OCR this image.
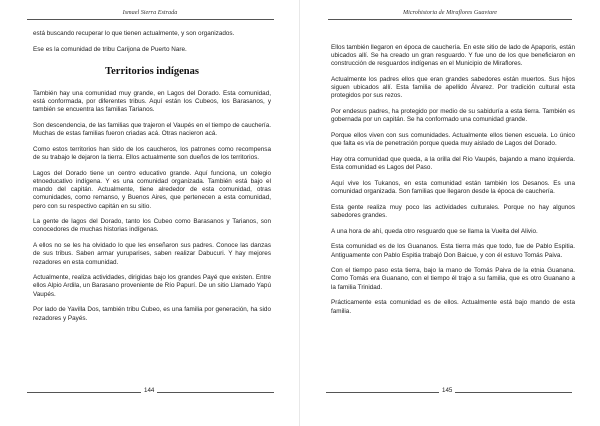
Ismael Sierra Estrada

está buscando recuperar lo que tienen actualmente, y son organizados.

Ese es la comunidad de tribu Carijona de Puerto Nare.

Territorios indígenas

También hay una comunidad muy grande, en Lagos del Dorado. Esta comunidad, está conformada, por diferentes tribus. Aquí están los Cubeos, los Barasanos, y también se encuentra las familias Tarianos.

Son descendencia, de las familias que trajeron el Vaupés en el tiempo de cauchería. Muchas de estas familias fueron criadas acá. Otras nacieron acá.

Como estos territorios han sido de los caucheros, los patrones como recompensa de su trabajo le dejaron la tierra. Ellos actualmente son dueños de los territorios.

Lagos del Dorado tiene un centro educativo grande. Aquí funciona, un colegio etnoeducativo indígena. Y es una comunidad organizada. También está bajo el mando del capitán. Actualmente, tiene alrededor de esta comunidad, otras comunidades, como remanso, y Buenos Aires, que pertenecen a esta comunidad, pero con su respectivo capitán en su sitio.

La gente de lagos del Dorado, tanto los Cubeo como Barasanos y Tarianos, son conocedores de muchas historias indígenas.

A ellos no se les ha olvidado lo que les enseñaron sus padres. Conoce las danzas de sus tribus. Saben armar yuruparises, saben realizar Dabucuri. Y hay mejores rezadores en esta comunidad.

Actualmente, realiza actividades, dirigidas bajo los grandes Payé que existen. Entre ellos Alpio Ardila, un Barasano proveniente de Río Papurí. De un sitio Llamado Yapú Vaupés.

Por lado de Yavilla Dos, también tribu Cubeo, es una familia por generación, ha sido rezadores y Payés.

144
Microhistoria de Miraflores Guaviare

Ellos también llegaron en época de cauchería. En este sitio de lado de Apaporis, están ubicados allí. Se ha creado un gran resguardo. Y fue uno de los que beneficiaron en construcción de resguardos indígenas en el Municipio de Miraflores.

Actualmente los padres ellos que eran grandes sabedores están muertos. Sus hijos siguen ubicados allí. Esta familia de apellido Álvarez. Por tradición cultural esta protegidos por sus rezos.

Por endesus padres, ha protegido por medio de su sabiduría a esta tierra. También es gobernada por un capitán. Se ha conformado una comunidad grande.

Porque ellos viven con sus comunidades. Actualmente ellos tienen escuela. Lo único que falta es vía de penetración porque queda muy aislado de Lagos del Dorado.

Hay otra comunidad que queda, a la orilla del Río Vaupés, bajando a mano izquierda. Esta comunidad es Lagos del Paso.

Aquí vive los Tukanos, en esta comunidad están también los Desanos. Es una comunidad organizada. Son familias que llegaron desde la época de cauchería.

Esta gente realiza muy poco las actividades culturales. Porque no hay algunos sabedores grandes.

A una hora de ahí, queda otro resguardo que se llama la Vuelta del Alivio.

Esta comunidad es de los Guananos. Esta tierra más que todo, fue de Pablo Espitia. Antiguamente con Pablo Espitia trabajó Don Baicue, y con él estuvo Tomás Paiva.

Con el tiempo paso esta tierra, bajo la mano de Tomás Paiva de la etnia Guanana. Como Tomás era Guanano, con el tiempo él trajo a su familia, que es otro Guanano a la familia Trinidad.

Prácticamente esta comunidad es de ellos. Actualmente está bajo mando de esta familia.

145
